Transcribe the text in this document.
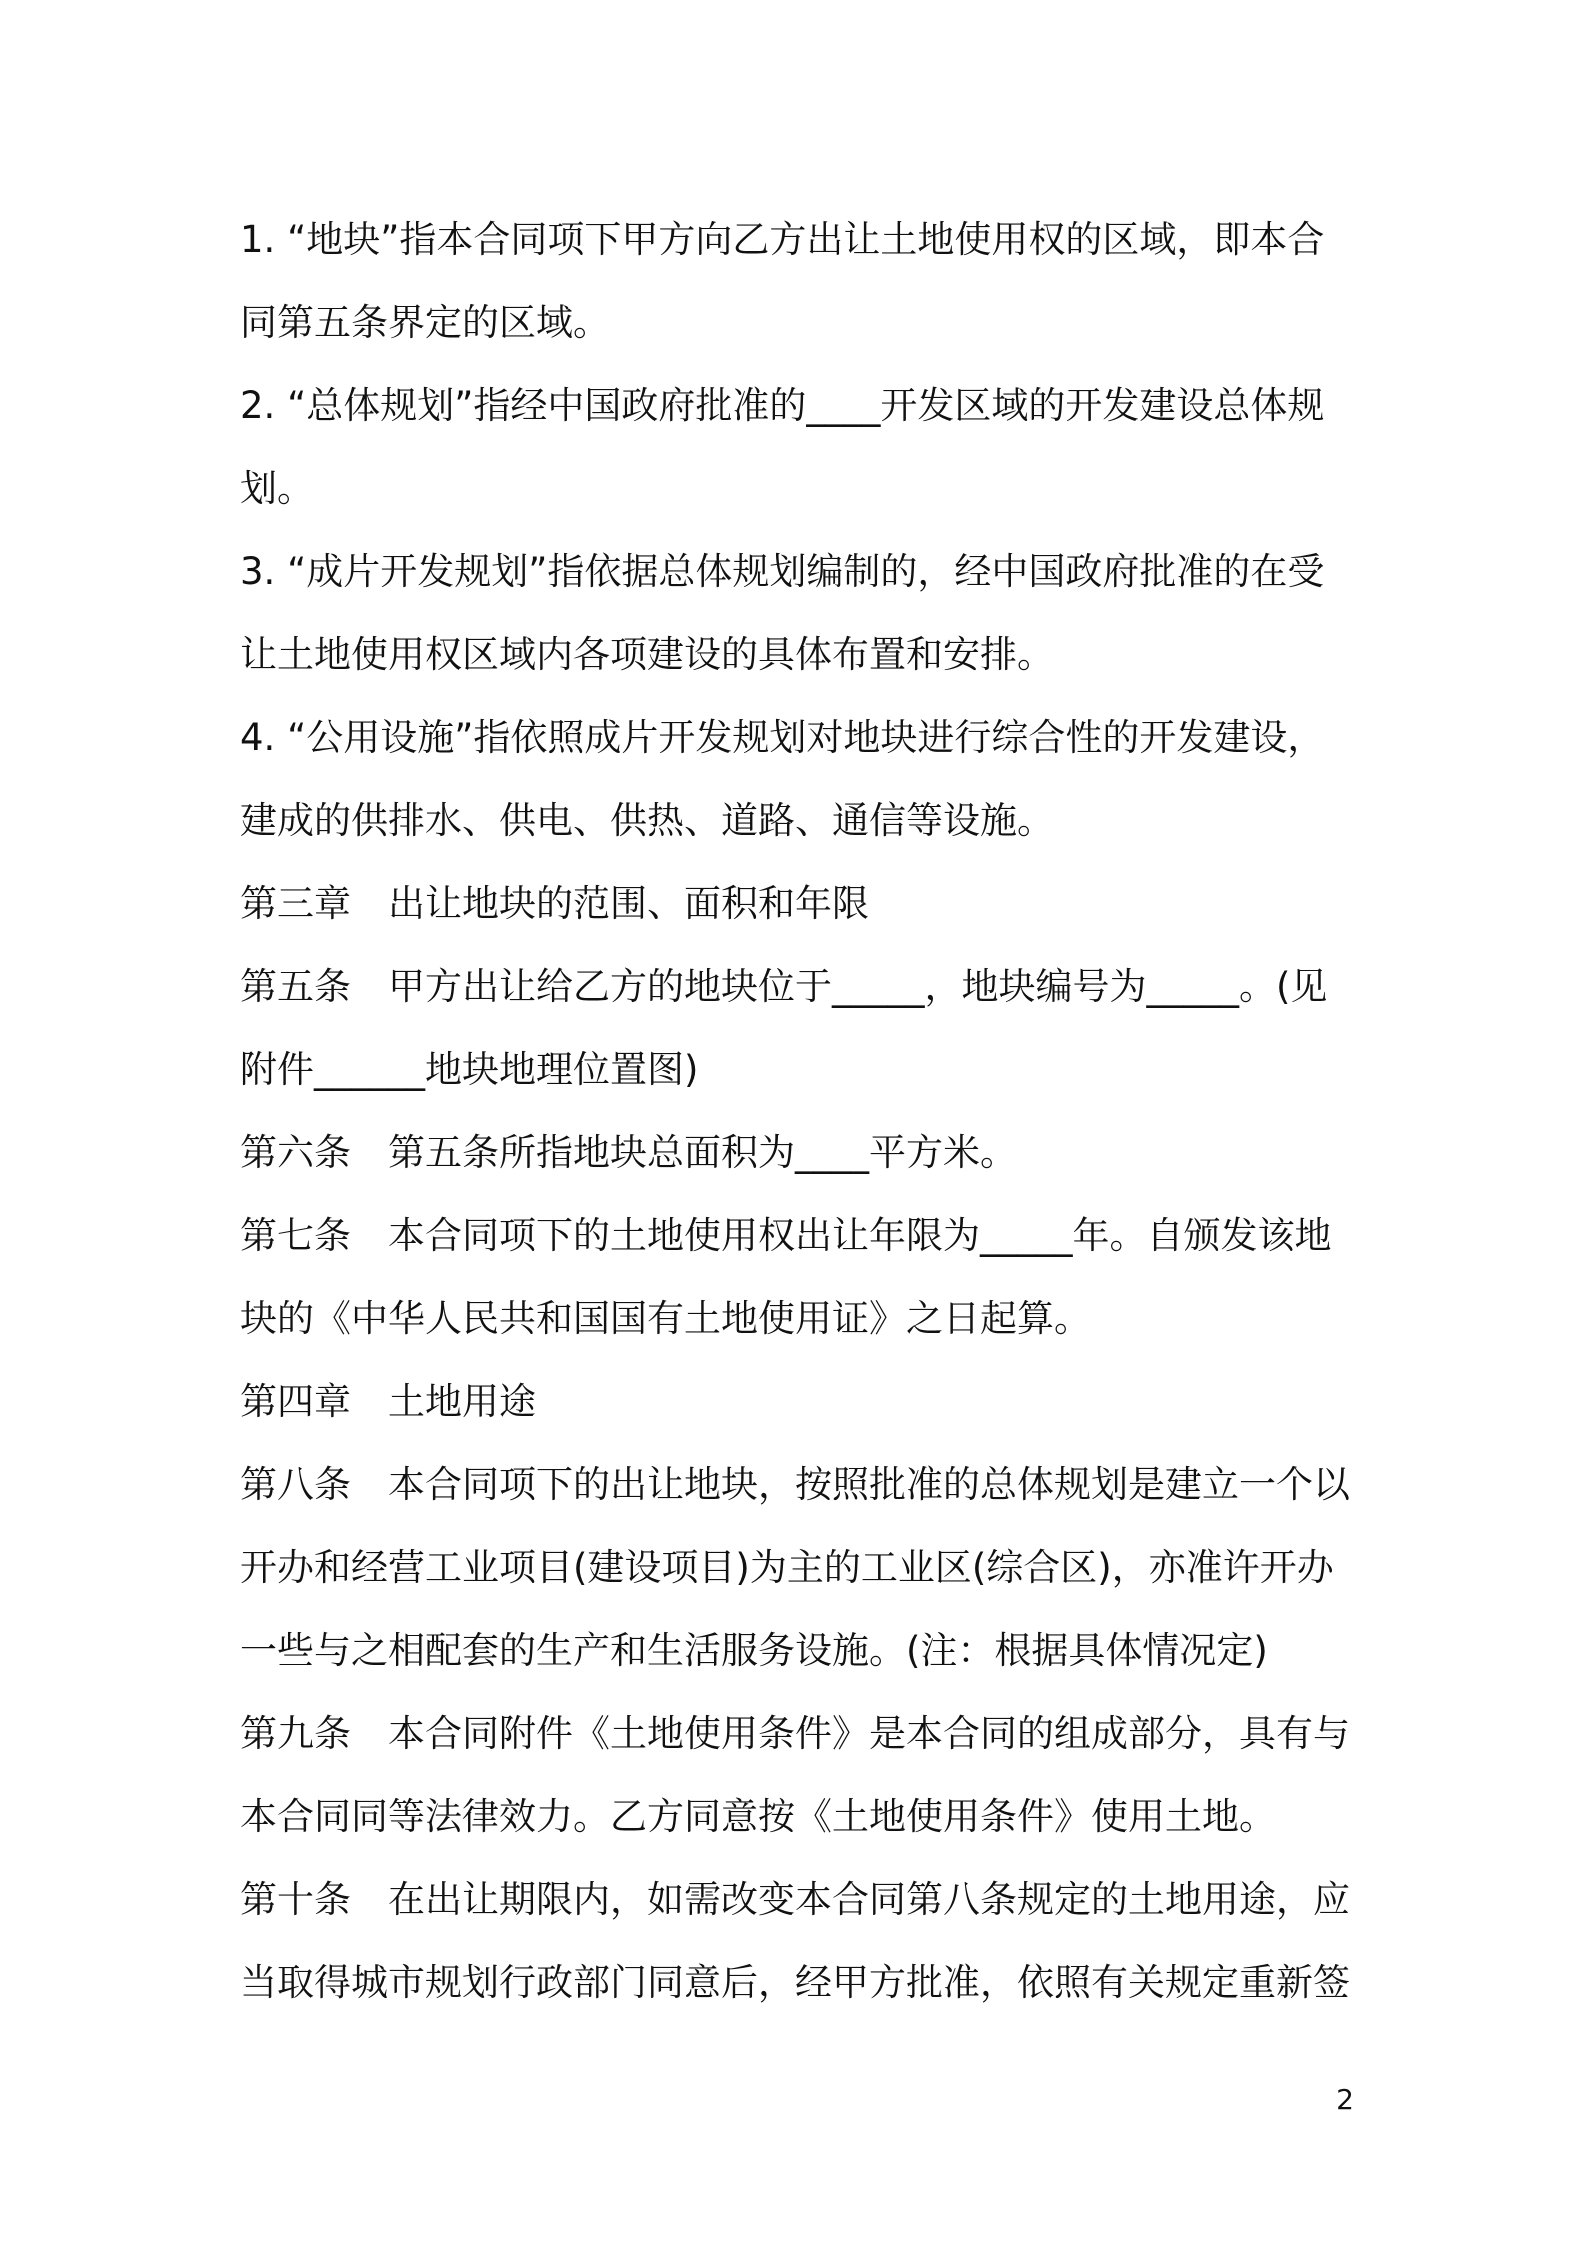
1. “地块”指本合同项下甲方向乙方出让土地使用权的区域，即本合
同第五条界定的区域。
2. “总体规划”指经中国政府批准的____开发区域的开发建设总体规
划。
3. “成片开发规划”指依据总体规划编制的，经中国政府批准的在受
让土地使用权区域内各项建设的具体布置和安排。
4. “公用设施”指依照成片开发规划对地块进行综合性的开发建设，
建成的供排水、供电、供热、道路、通信等设施。
第三章　出让地块的范围、面积和年限
第五条　甲方出让给乙方的地块位于_____，地块编号为_____。(见
附件______地块地理位置图)
第六条　第五条所指地块总面积为____平方米。
第七条　本合同项下的土地使用权出让年限为_____年。自颁发该地
块的《中华人民共和国国有土地使用证》之日起算。
第四章　土地用途
第八条　本合同项下的出让地块，按照批准的总体规划是建立一个以
开办和经营工业项目(建设项目)为主的工业区(综合区)，亦准许开办
一些与之相配套的生产和生活服务设施。(注：根据具体情况定)
第九条　本合同附件《土地使用条件》是本合同的组成部分，具有与
本合同同等法律效力。乙方同意按《土地使用条件》使用土地。
第十条　在出让期限内，如需改变本合同第八条规定的土地用途，应
当取得城市规划行政部门同意后，经甲方批准，依照有关规定重新签
2
